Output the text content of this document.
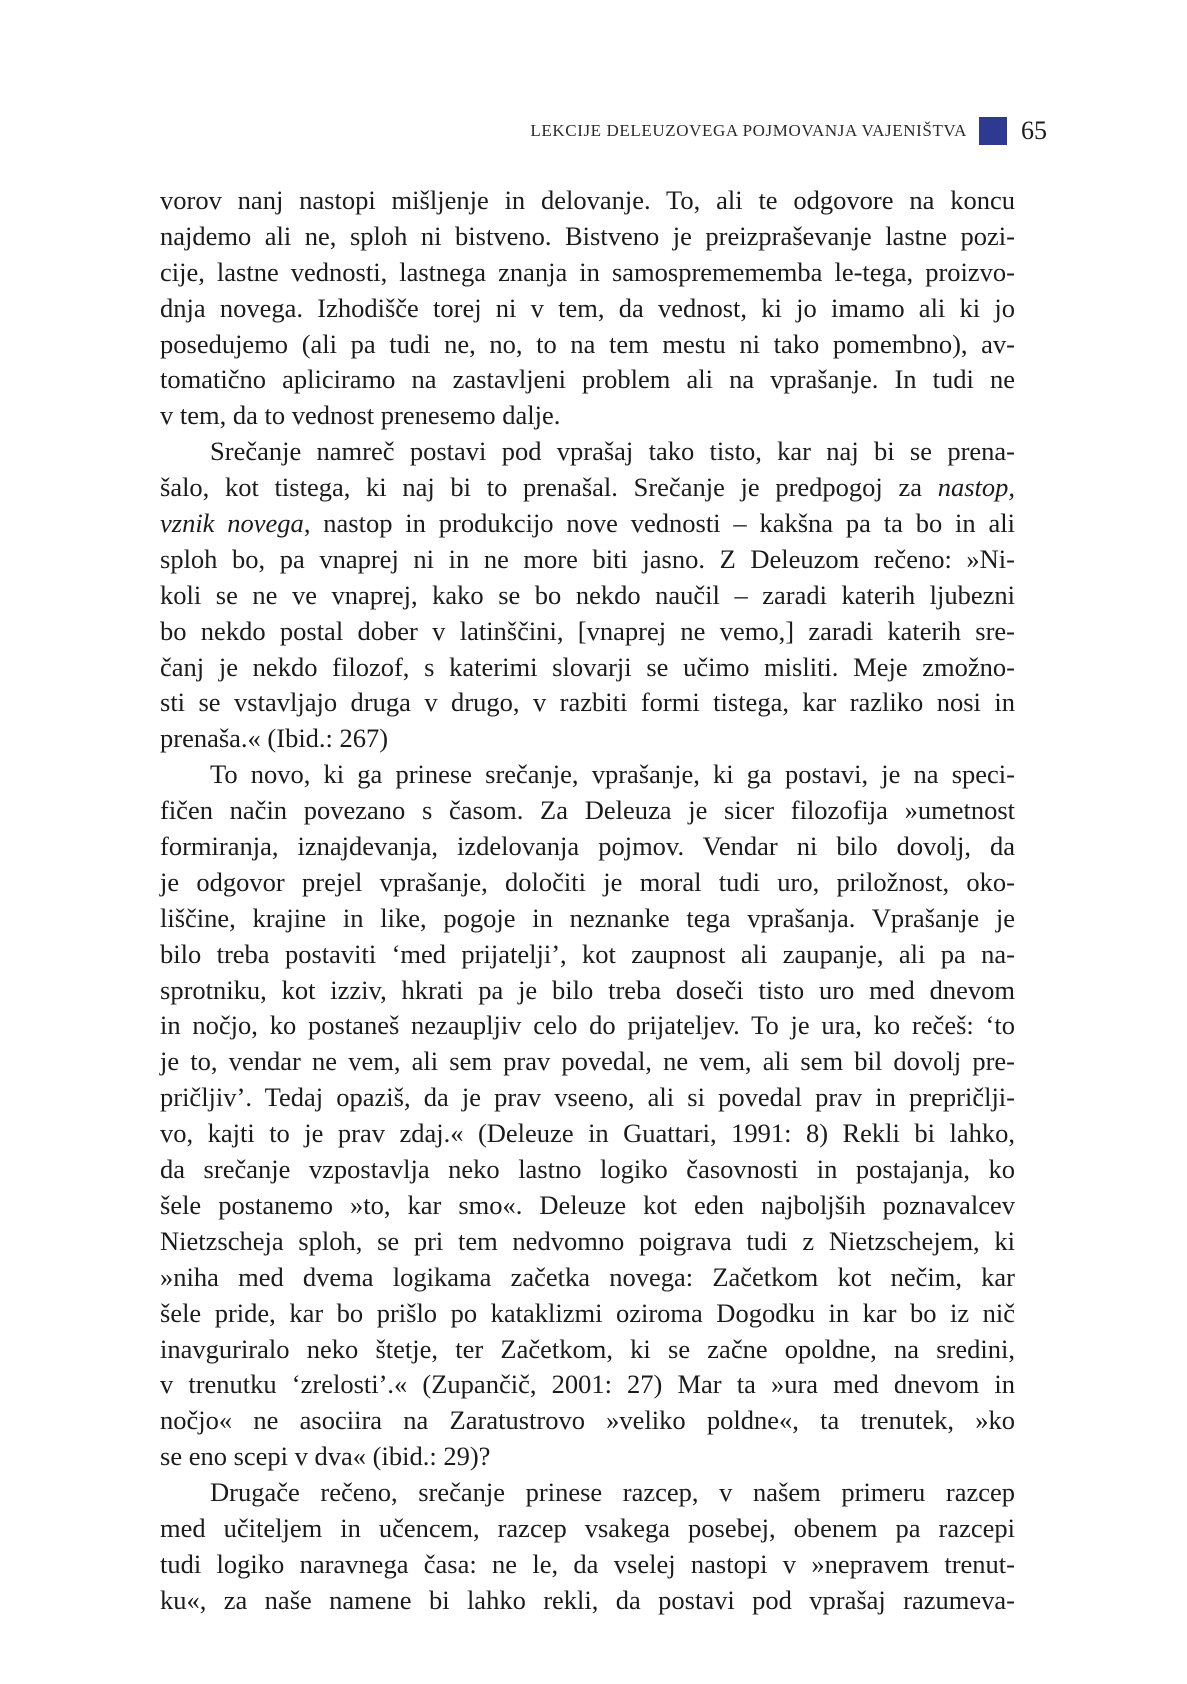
LEKCIJE DELEUZOVEGA POJMOVANJA VAJENIŠTVA 65
vorov nanj nastopi mišljenje in delovanje. To, ali te odgovore na koncu
najdemo ali ne, sploh ni bistveno. Bistveno je preizpraševanje lastne pozi-
cije, lastne vednosti, lastnega znanja in samospremememba le-tega, proizvo-
dnja novega. Izhodišče torej ni v tem, da vednost, ki jo imamo ali ki jo
posedujemo (ali pa tudi ne, no, to na tem mestu ni tako pomembno), av-
tomatično apliciramo na zastavljeni problem ali na vprašanje. In tudi ne
v tem, da to vednost prenesemo dalje.
Srečanje namreč postavi pod vprašaj tako tisto, kar naj bi se prena-
šalo, kot tistega, ki naj bi to prenašal. Srečanje je predpogoj za nastop,
vznik novega, nastop in produkcijo nove vednosti – kakšna pa ta bo in ali
sploh bo, pa vnaprej ni in ne more biti jasno. Z Deleuzom rečeno: »Ni-
koli se ne ve vnaprej, kako se bo nekdo naučil – zaradi katerih ljubezni
bo nekdo postal dober v latinščini, [vnaprej ne vemo,] zaradi katerih sre-
čanj je nekdo filozof, s katerimi slovarji se učimo misliti. Meje zmožno-
sti se vstavljajo druga v drugo, v razbiti formi tistega, kar razliko nosi in
prenaša.« (Ibid.: 267)
To novo, ki ga prinese srečanje, vprašanje, ki ga postavi, je na speci-
fičen način povezano s časom. Za Deleuza je sicer filozofija »umetnost
formiranja, iznajdevanja, izdelovanja pojmov. Vendar ni bilo dovolj, da
je odgovor prejel vprašanje, določiti je moral tudi uro, priložnost, oko-
liščine, krajine in like, pogoje in neznanke tega vprašanja. Vprašanje je
bilo treba postaviti ‘med prijatelji’, kot zaupnost ali zaupanje, ali pa na-
sprotniku, kot izziv, hkrati pa je bilo treba doseči tisto uro med dnevom
in nočjo, ko postaneš nezaupljiv celo do prijateljev. To je ura, ko rečeš: ‘to
je to, vendar ne vem, ali sem prav povedal, ne vem, ali sem bil dovolj pre-
pričljiv’. Tedaj opaziš, da je prav vseeno, ali si povedal prav in prepričlji-
vo, kajti to je prav zdaj.« (Deleuze in Guattari, 1991: 8) Rekli bi lahko,
da srečanje vzpostavlja neko lastno logiko časovnosti in postajanja, ko
šele postanemo »to, kar smo«. Deleuze kot eden najboljših poznavalcev
Nietzscheja sploh, se pri tem nedvomno poigrava tudi z Nietzschejem, ki
»niha med dvema logikama začetka novega: Začetkom kot nečim, kar
šele pride, kar bo prišlo po kataklizmi oziroma Dogodku in kar bo iz nič
inavguriralo neko štetje, ter Začetkom, ki se začne opoldne, na sredini,
v trenutku ‘zrelosti’.« (Zupančič, 2001: 27) Mar ta »ura med dnevom in
nočjo« ne asociira na Zaratustrovo »veliko poldne«, ta trenutek, »ko
se eno scepi v dva« (ibid.: 29)?
Drugače rečeno, srečanje prinese razcep, v našem primeru razcep
med učiteljem in učencem, razcep vsakega posebej, obenem pa razcepi
tudi logiko naravnega časa: ne le, da vselej nastopi v »nepravem trenut-
ku«, za naše namene bi lahko rekli, da postavi pod vprašaj razumeva-
